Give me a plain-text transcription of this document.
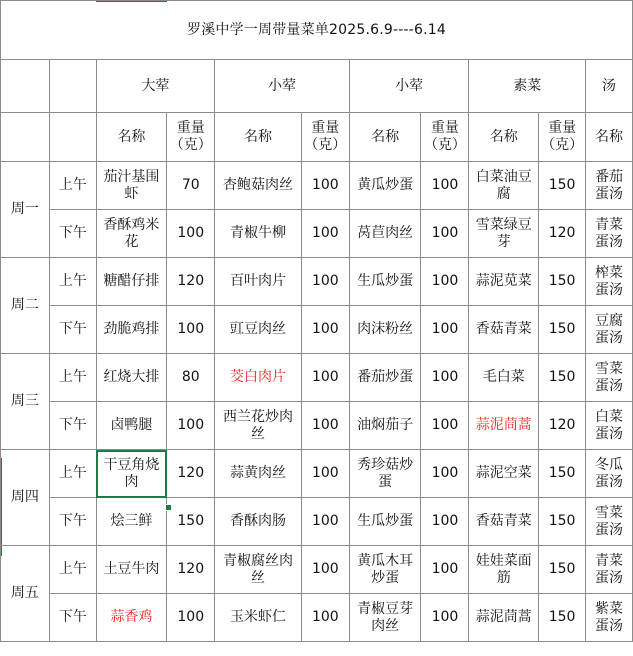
罗溪中学一周带量菜单2025.6.9----6.14										
		大荤		小荤		小荤		素菜		汤
		名称	重量（克）	名称	重量（克）	名称	重量（克）	名称	重量（克）	名称
周一	上午	茄汁基围虾	70	杏鲍菇肉丝	100	黄瓜炒蛋	100	白菜油豆腐	150	番茄蛋汤
	下午	香酥鸡米花	100	青椒牛柳	100	莴苣肉丝	100	雪菜绿豆芽	120	青菜蛋汤
周二	上午	糖醋仔排	120	百叶肉片	100	生瓜炒蛋	100	蒜泥苋菜	150	榨菜蛋汤
	下午	劲脆鸡排	100	豇豆肉丝	100	肉沫粉丝	100	香菇青菜	150	豆腐蛋汤
周三	上午	红烧大排	80	茭白肉片	100	番茄炒蛋	100	毛白菜	150	雪菜蛋汤
	下午	卤鸭腿	100	西兰花炒肉丝	100	油焖茄子	100	蒜泥茼蒿	120	白菜蛋汤
周四	上午	干豆角烧肉	120	蒜黄肉丝	100	秀珍菇炒蛋	100	蒜泥空菜	150	冬瓜蛋汤
	下午	烩三鲜	150	香酥肉肠	100	生瓜炒蛋	100	香菇青菜	150	雪菜蛋汤
周五	上午	土豆牛肉	120	青椒腐丝肉丝	100	黄瓜木耳炒蛋	100	娃娃菜面筋	150	青菜蛋汤
	下午	蒜香鸡	100	玉米虾仁	100	青椒豆芽肉丝	100	蒜泥茼蒿	150	紫菜蛋汤
